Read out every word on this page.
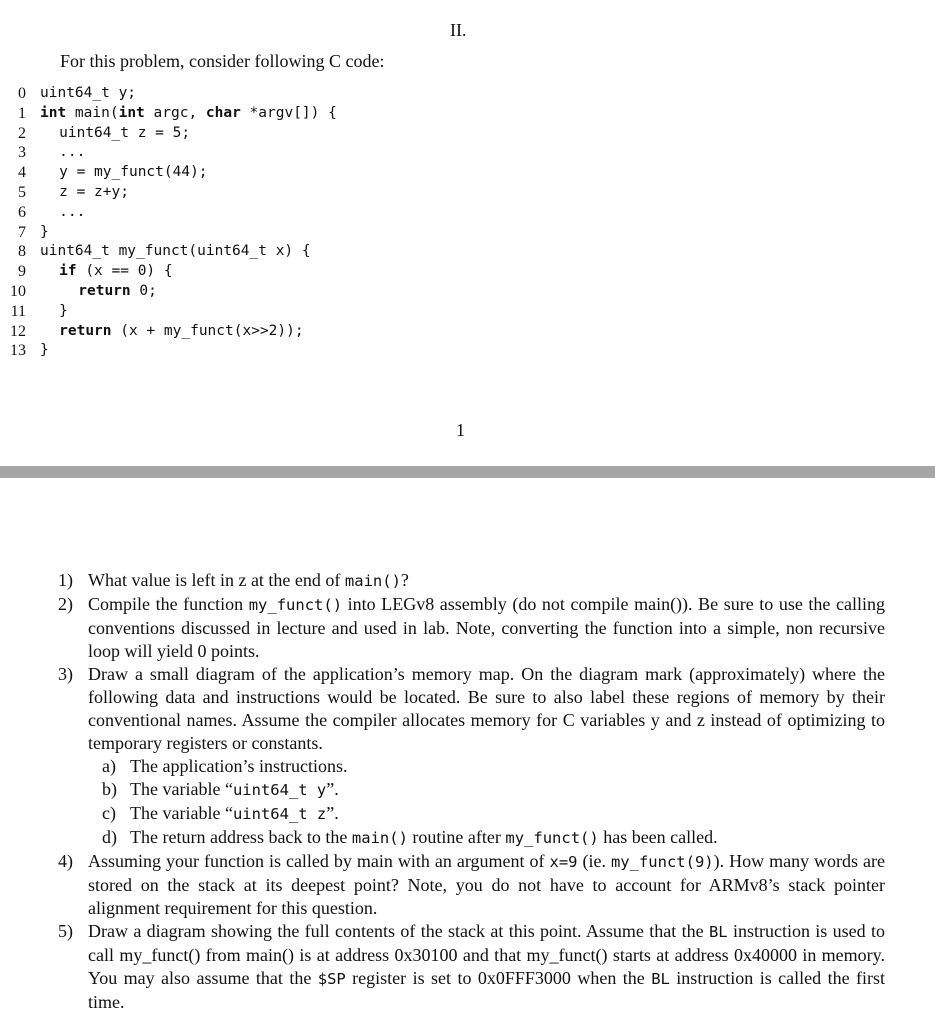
II.
For this problem, consider following C code:
0 uint64_t y;
1 int main(int argc, char *argv[]) {
2 uint64_t z = 5;
3 ...
4 y = my_funct(44);
5 z = z+y;
6 ...
7 }
8 uint64_t my_funct(uint64_t x) {
9 if (x == 0) {
10	return 0;
11 }
12 return (x + my_funct(x>>2));
13 }
1
1) What value is left in z at the end of main()?
2) Compile the function my_funct() into LEGv8 assembly (do not compile main()). Be sure to use the calling conventions discussed in lecture and used in lab. Note, converting the function into a simple, non recursive loop will yield 0 points.
3) Draw a small diagram of the application’s memory map. On the diagram mark (approximately) where the following data and instructions would be located. Be sure to also label these regions of memory by their conventional names. Assume the compiler allocates memory for C variables y and z instead of optimizing to temporary registers or constants.
a) The application’s instructions.
b) The variable “uint64_t y”.
c) The variable “uint64_t z”.
d) The return address back to the main() routine after my_funct() has been called.
4) Assuming your function is called by main with an argument of x=9 (ie. my_funct(9)). How many words are stored on the stack at its deepest point? Note, you do not have to account for ARMv8’s stack pointer alignment requirement for this question.
5) Draw a diagram showing the full contents of the stack at this point. Assume that the BL instruction is used to call my_funct() from main() is at address 0x30100 and that my_funct() starts at address 0x40000 in memory. You may also assume that the $SP register is set to 0x0FFF3000 when the BL instruction is called the first time.
